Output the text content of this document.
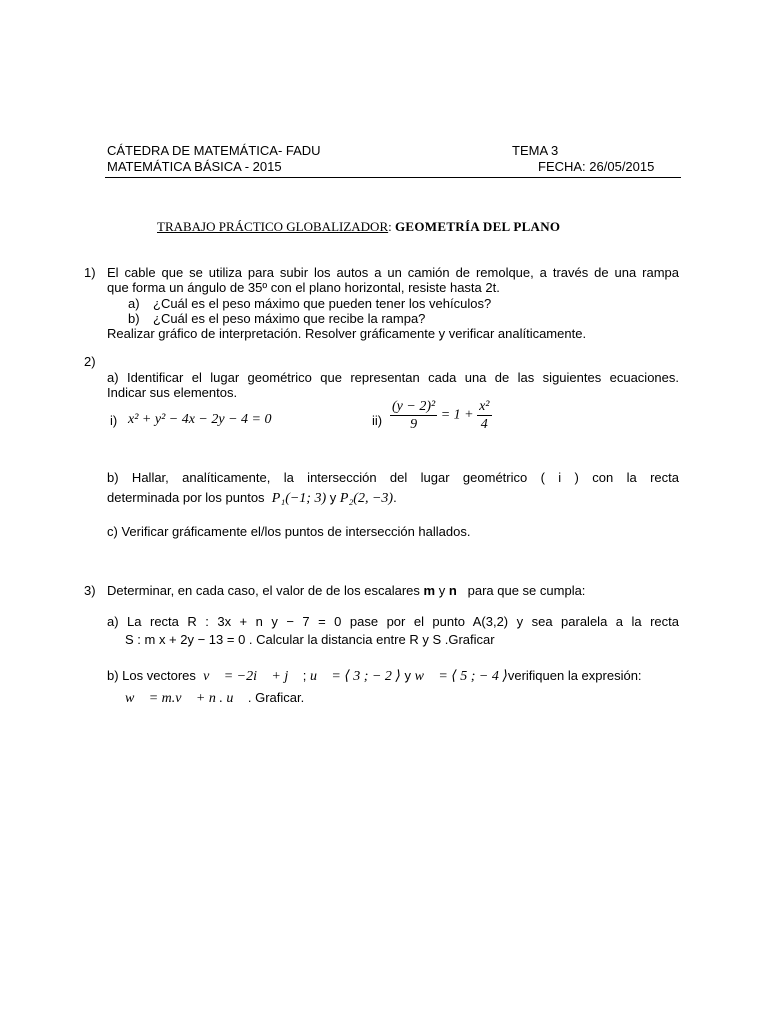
CÁTEDRA DE MATEMÁTICA- FADU
MATEMÁTICA BÁSICA - 2015
TEMA 3
FECHA: 26/05/2015
TRABAJO PRÁCTICO GLOBALIZADOR: GEOMETRÍA DEL PLANO
1) El cable que se utiliza para subir los autos a un camión de remolque, a través de una rampa
que forma un ángulo de 35º con el plano horizontal, resiste hasta 2t.
a) ¿Cuál es el peso máximo que pueden tener los vehículos?
b) ¿Cuál es el peso máximo que recibe la rampa?
Realizar gráfico de interpretación. Resolver gráficamente y verificar analíticamente.
2)
a) Identificar el lugar geométrico que representan cada una de las siguientes ecuaciones.
Indicar sus elementos.
i) x² + y² − 4x − 2y − 4 = 0	$ii) \frac{\text{(y − 2)²}}{9} = 1 + \frac{\text{x²}}{4}$
b) Hallar, analíticamente, la intersección del lugar geométrico ( i ) con la recta
determinada por los puntos P₁(−1; 3) y P₂(2, −3).
c) Verificar gráficamente el/los puntos de intersección hallados.
3) Determinar, en cada caso, el valor de de los escalares m y n para que se cumpla:
a) La recta R : 3x + n y − 7 = 0 pase por el punto A(3,2) y sea paralela a la recta
S : m x + 2y − 13 = 0 . Calcular la distancia entre R y S .Graficar
b) Los vectores v⃗ = −2i⃗ + j⃗ ; u⃗ = ⟨ 3 ; − 2 ⟩ y w⃗ = ⟨ 5 ; − 4 ⟩verifiquen la expresión:
w⃗ = m.v⃗ + n . u⃗ . Graficar.
